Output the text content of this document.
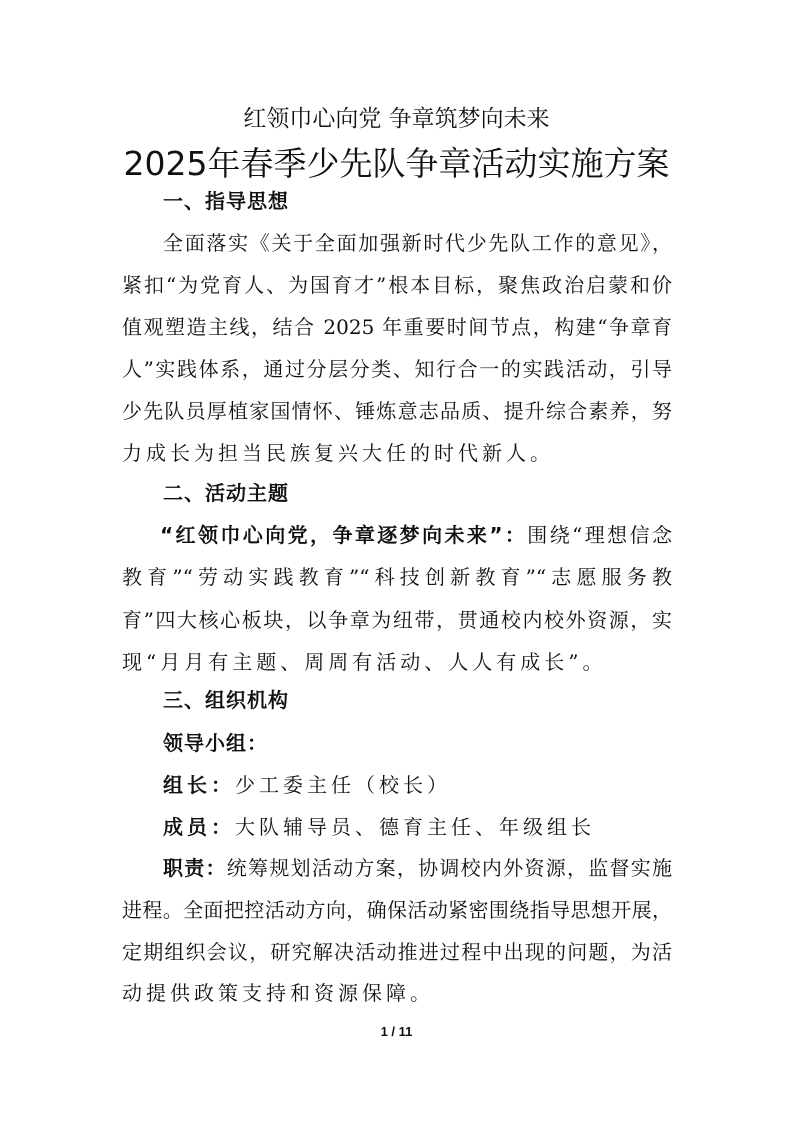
红领巾心向党 争章筑梦向未来
2025年春季少先队争章活动实施方案
一、指导思想
全面落实《关于全面加强新时代少先队工作的意见》，
紧扣“为党育人、为国育才”根本目标，聚焦政治启蒙和价
值观塑造主线，结合 2025 年重要时间节点，构建“争章育
人”实践体系，通过分层分类、知行合一的实践活动，引导
少先队员厚植家国情怀、锤炼意志品质、提升综合素养，努
力成长为担当民族复兴大任的时代新人。
二、活动主题
“红领巾心向党，争章逐梦向未来”：围绕“理想信念
教育”“劳动实践教育”“科技创新教育”“志愿服务教
育”四大核心板块，以争章为纽带，贯通校内校外资源，实
现“月月有主题、周周有活动、人人有成长”。
三、组织机构
领导小组：
组长：少工委主任（校长）
成员：大队辅导员、德育主任、年级组长
职责：统筹规划活动方案，协调校内外资源，监督实施
进程。全面把控活动方向，确保活动紧密围绕指导思想开展，
定期组织会议，研究解决活动推进过程中出现的问题，为活
动提供政策支持和资源保障。
1 / 11
